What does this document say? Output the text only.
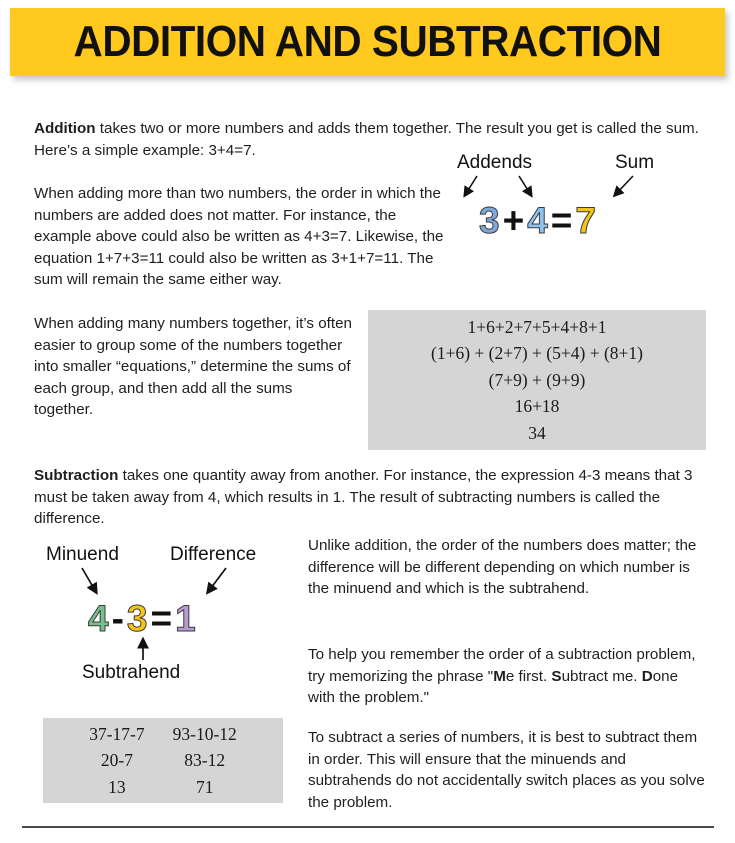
ADDITION AND SUBTRACTION
Addition takes two or more numbers and adds them together. The result you get is called the sum. Here’s a simple example: 3+4=7.
When adding more than two numbers, the order in which the numbers are added does not matter. For instance, the example above could also be written as 4+3=7. Likewise, the equation 1+7+3=11 could also be written as 3+1+7=11. The sum will remain the same either way.
Addends	Sum
3 + 4 = 7
When adding many numbers together, it’s often easier to group some of the numbers together into smaller “equations,” determine the sums of each group, and then add all the sums together.
1+6+2+7+5+4+8+1
(1+6) + (2+7) + (5+4) + (8+1)
(7+9) + (9+9)
16+18
34
Subtraction takes one quantity away from another. For instance, the expression 4-3 means that 3 must be taken away from 4, which results in 1. The result of subtracting numbers is called the difference.
Minuend	Difference
Subtrahend
4 - 3 = 1
Unlike addition, the order of the numbers does matter; the difference will be different depending on which number is the minuend and which is the subtrahend.
To help you remember the order of a subtraction problem, try memorizing the phrase "Me first. Subtract me. Done with the problem."
37-17-7
20-7
13
93-10-12
83-12
71
To subtract a series of numbers, it is best to subtract them in order. This will ensure that the minuends and subtrahends do not accidentally switch places as you solve the problem.
